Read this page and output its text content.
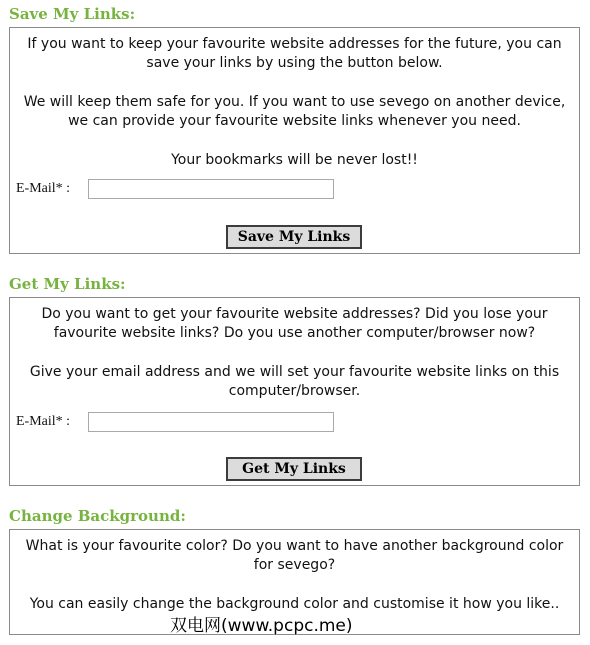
Save My Links:

If you want to keep your favourite website addresses for the future, you can save your links by using the button below.

We will keep them safe for you. If you want to use sevego on another device, we can provide your favourite website links whenever you need.

Your bookmarks will be never lost!!

E-Mail* :
Save My Links
Get My Links:

Do you want to get your favourite website addresses? Did you lose your favourite website links? Do you use another computer/browser now?

Give your email address and we will set your favourite website links on this computer/browser.

E-Mail* :
Get My Links
Change Background:

What is your favourite color? Do you want to have another background color for sevego?

You can easily change the background color and customise it how you like..

双电网(www.pcpc.me)
